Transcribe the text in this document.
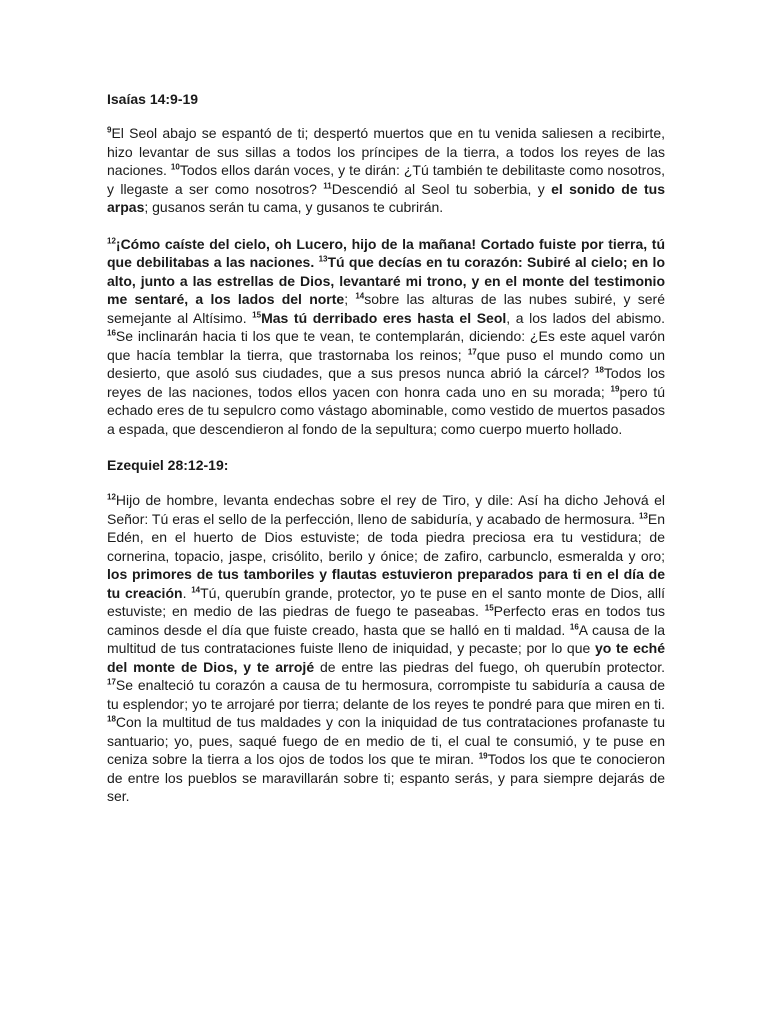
Isaías 14:9-19

$^9$El Seol abajo se espantó de ti; despertó muertos que en tu venida saliesen a recibirte, hizo levantar de sus sillas a todos los príncipes de la tierra, a todos los reyes de las naciones. $^{10}$Todos ellos darán voces, y te dirán: ¿Tú también te debilitaste como nosotros, y llegaste a ser como nosotros? $^{11}$Descendió al Seol tu soberbia, y el sonido de tus arpas; gusanos serán tu cama, y gusanos te cubrirán.

$^{12}$¡Cómo caíste del cielo, oh Lucero, hijo de la mañana! Cortado fuiste por tierra, tú que debilitabas a las naciones. $^{13}$Tú que decías en tu corazón: Subiré al cielo; en lo alto, junto a las estrellas de Dios, levantaré mi trono, y en el monte del testimonio me sentaré, a los lados del norte; $^{14}$sobre las alturas de las nubes subiré, y seré semejante al Altísimo. $^{15}$Mas tú derribado eres hasta el Seol, a los lados del abismo. $^{16}$Se inclinarán hacia ti los que te vean, te contemplarán, diciendo: ¿Es este aquel varón que hacía temblar la tierra, que trastornaba los reinos; $^{17}$que puso el mundo como un desierto, que asoló sus ciudades, que a sus presos nunca abrió la cárcel? $^{18}$Todos los reyes de las naciones, todos ellos yacen con honra cada uno en su morada; $^{19}$pero tú echado eres de tu sepulcro como vástago abominable, como vestido de muertos pasados a espada, que descendieron al fondo de la sepultura; como cuerpo muerto hollado.

Ezequiel 28:12-19:

$^{12}$Hijo de hombre, levanta endechas sobre el rey de Tiro, y dile: Así ha dicho Jehová el Señor: Tú eras el sello de la perfección, lleno de sabiduría, y acabado de hermosura. $^{13}$En Edén, en el huerto de Dios estuviste; de toda piedra preciosa era tu vestidura; de cornerina, topacio, jaspe, crisólito, berilo y ónice; de zafiro, carbunclo, esmeralda y oro; los primores de tus tamboriles y flautas estuvieron preparados para ti en el día de tu creación. $^{14}$Tú, querubín grande, protector, yo te puse en el santo monte de Dios, allí estuviste; en medio de las piedras de fuego te paseabas. $^{15}$Perfecto eras en todos tus caminos desde el día que fuiste creado, hasta que se halló en ti maldad. $^{16}$A causa de la multitud de tus contrataciones fuiste lleno de iniquidad, y pecaste; por lo que yo te eché del monte de Dios, y te arrojé de entre las piedras del fuego, oh querubín protector. $^{17}$Se enalteció tu corazón a causa de tu hermosura, corrompiste tu sabiduría a causa de tu esplendor; yo te arrojaré por tierra; delante de los reyes te pondré para que miren en ti. $^{18}$Con la multitud de tus maldades y con la iniquidad de tus contrataciones profanaste tu santuario; yo, pues, saqué fuego de en medio de ti, el cual te consumió, y te puse en ceniza sobre la tierra a los ojos de todos los que te miran. $^{19}$Todos los que te conocieron de entre los pueblos se maravillarán sobre ti; espanto serás, y para siempre dejarás de ser.
